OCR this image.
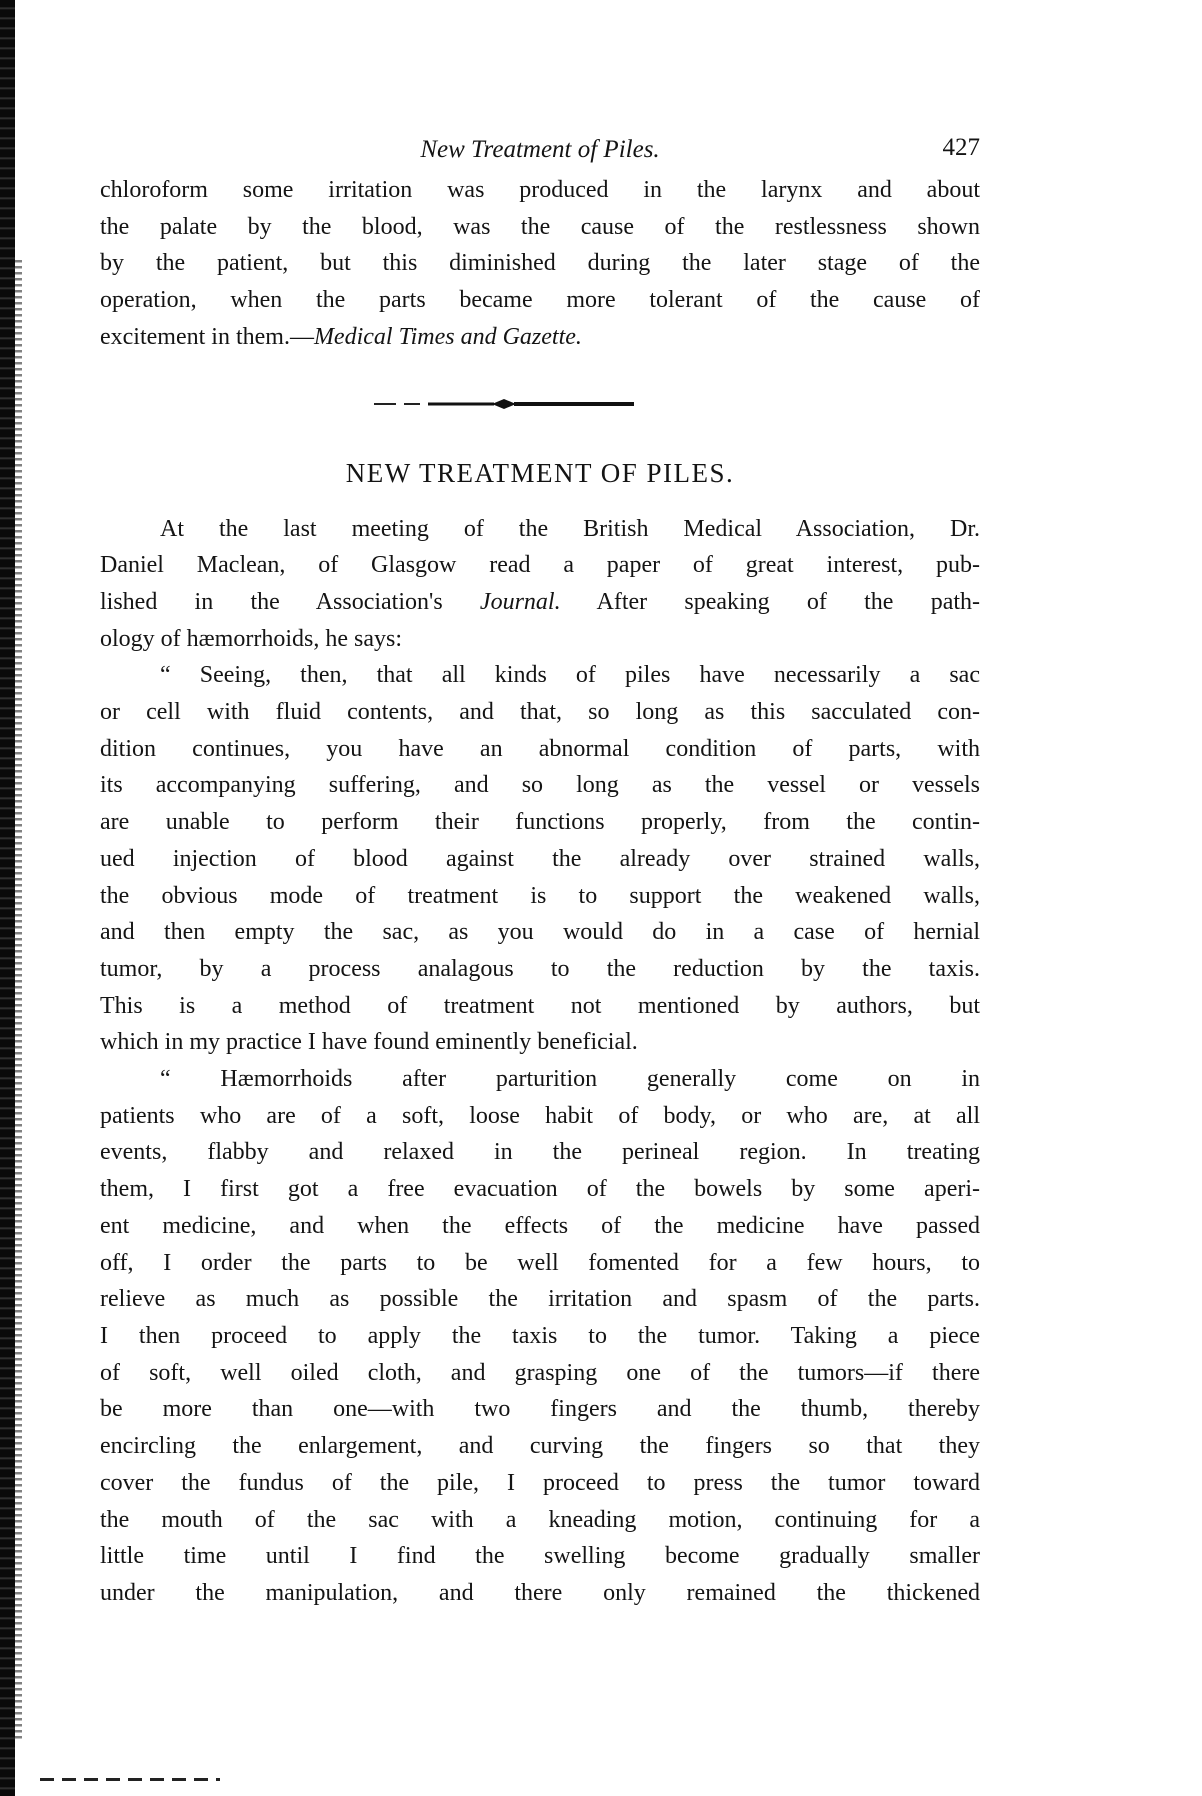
New Treatment of Piles.	427

chloroform some irritation was produced in the larynx and about
the palate by the blood, was the cause of the restlessness shown
by the patient, but this diminished during the later stage of the
operation, when the parts became more tolerant of the cause of
excitement in them.—Medical Times and Gazette.

NEW TREATMENT OF PILES.

At the last meeting of the British Medical Association, Dr.
Daniel Maclean, of Glasgow read a paper of great interest, pub-
lished in the Association's Journal. After speaking of the path-
ology of hæmorrhoids, he says:

“ Seeing, then, that all kinds of piles have necessarily a sac
or cell with fluid contents, and that, so long as this sacculated con-
dition continues, you have an abnormal condition of parts, with
its accompanying suffering, and so long as the vessel or vessels
are unable to perform their functions properly, from the contin-
ued injection of blood against the already over strained walls,
the obvious mode of treatment is to support the weakened walls,
and then empty the sac, as you would do in a case of hernial
tumor, by a process analagous to the reduction by the taxis.
This is a method of treatment not mentioned by authors, but
which in my practice I have found eminently beneficial.

“ Hæmorrhoids after parturition generally come on in
patients who are of a soft, loose habit of body, or who are, at all
events, flabby and relaxed in the perineal region. In treating
them, I first got a free evacuation of the bowels by some aperi-
ent medicine, and when the effects of the medicine have passed
off, I order the parts to be well fomented for a few hours, to
relieve as much as possible the irritation and spasm of the parts.
I then proceed to apply the taxis to the tumor. Taking a piece
of soft, well oiled cloth, and grasping one of the tumors—if there
be more than one—with two fingers and the thumb, thereby
encircling the enlargement, and curving the fingers so that they
cover the fundus of the pile, I proceed to press the tumor toward
the mouth of the sac with a kneading motion, continuing for a
little time until I find the swelling become gradually smaller
under the manipulation, and there only remained the thickened
